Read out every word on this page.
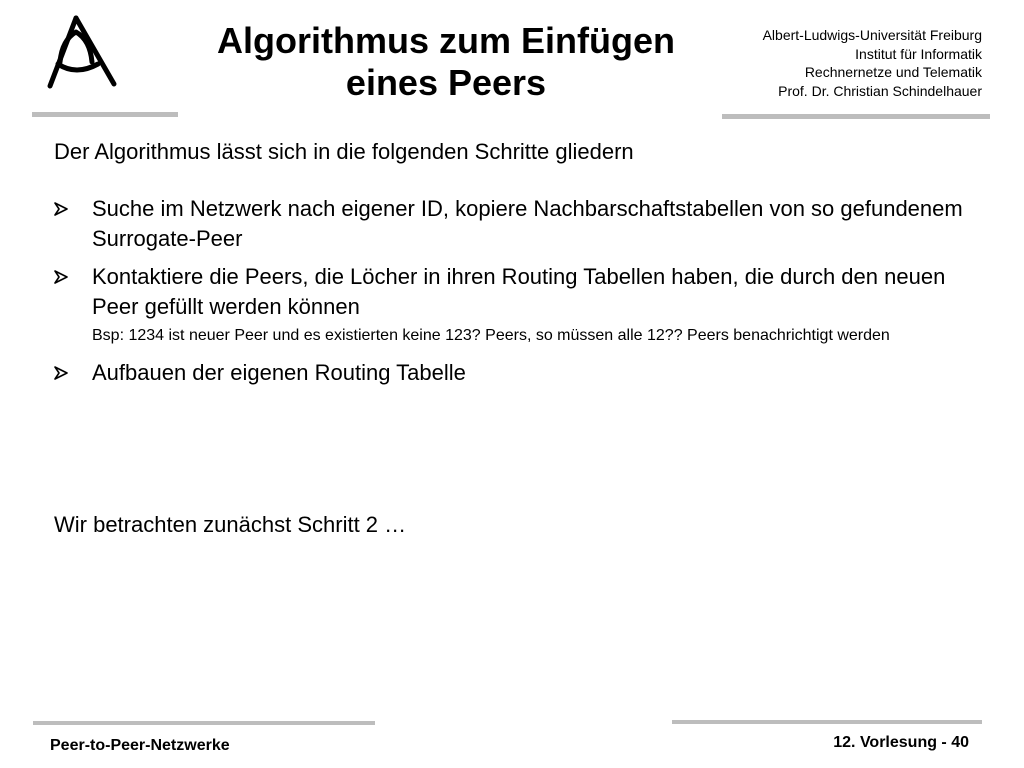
Algorithmus zum Einfügen
eines Peers
Albert-Ludwigs-Universität Freiburg
Institut für Informatik
Rechnernetze und Telematik
Prof. Dr. Christian Schindelhauer
Der Algorithmus lässt sich in die folgenden Schritte gliedern
Suche im Netzwerk nach eigener ID, kopiere Nachbarschaftstabellen von so gefundenem Surrogate-Peer
Kontaktiere die Peers, die Löcher in ihren Routing Tabellen haben, die durch den neuen Peer gefüllt werden können
Bsp: 1234 ist neuer Peer und es existierten keine 123? Peers, so müssen alle 12?? Peers benachrichtigt werden
Aufbauen der eigenen Routing Tabelle
Wir betrachten zunächst Schritt 2 …
Peer-to-Peer-Netzwerke	12. Vorlesung - 40
